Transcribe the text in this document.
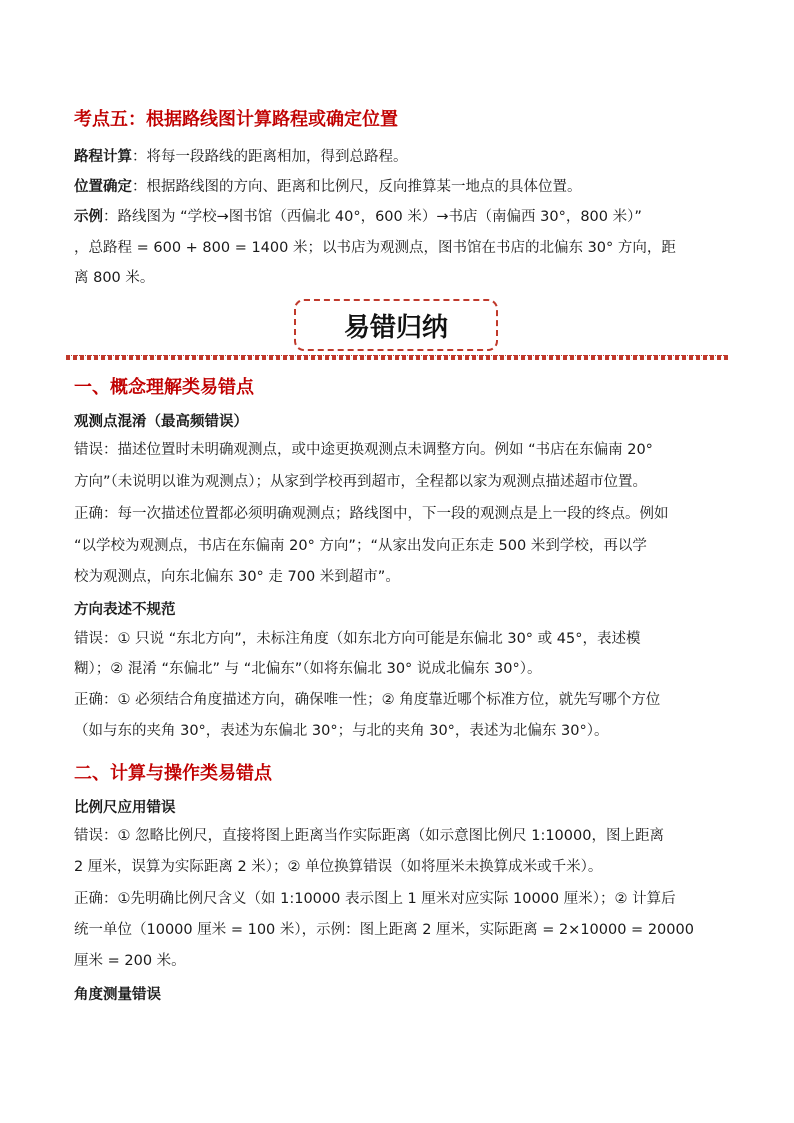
考点五：根据路线图计算路程或确定位置
路程计算：将每一段路线的距离相加，得到总路程。
位置确定：根据路线图的方向、距离和比例尺，反向推算某一地点的具体位置。
示例：路线图为 “学校→图书馆（西偏北 40°，600 米）→书店（南偏西 30°，800 米）”
，总路程 = 600 + 800 = 1400 米；以书店为观测点，图书馆在书店的北偏东 30° 方向，距
离 800 米。
易错归纳
一、概念理解类易错点
观测点混淆（最高频错误）
错误：描述位置时未明确观测点，或中途更换观测点未调整方向。例如 “书店在东偏南 20°
方向”（未说明以谁为观测点）；从家到学校再到超市，全程都以家为观测点描述超市位置。
正确：每一次描述位置都必须明确观测点；路线图中，下一段的观测点是上一段的终点。例如
“以学校为观测点，书店在东偏南 20° 方向”；“从家出发向正东走 500 米到学校，再以学
校为观测点，向东北偏东 30° 走 700 米到超市”。
方向表述不规范
错误：① 只说 “东北方向”，未标注角度（如东北方向可能是东偏北 30° 或 45°，表述模
糊）；② 混淆 “东偏北” 与 “北偏东”（如将东偏北 30° 说成北偏东 30°）。
正确：① 必须结合角度描述方向，确保唯一性；② 角度靠近哪个标准方位，就先写哪个方位
（如与东的夹角 30°，表述为东偏北 30°；与北的夹角 30°，表述为北偏东 30°）。
二、计算与操作类易错点
比例尺应用错误
错误：① 忽略比例尺，直接将图上距离当作实际距离（如示意图比例尺 1:10000，图上距离
2 厘米，误算为实际距离 2 米）；② 单位换算错误（如将厘米未换算成米或千米）。
正确：①先明确比例尺含义（如 1:10000 表示图上 1 厘米对应实际 10000 厘米）；② 计算后
统一单位（10000 厘米 = 100 米），示例：图上距离 2 厘米，实际距离 = 2×10000 = 20000
厘米 = 200 米。
角度测量错误
